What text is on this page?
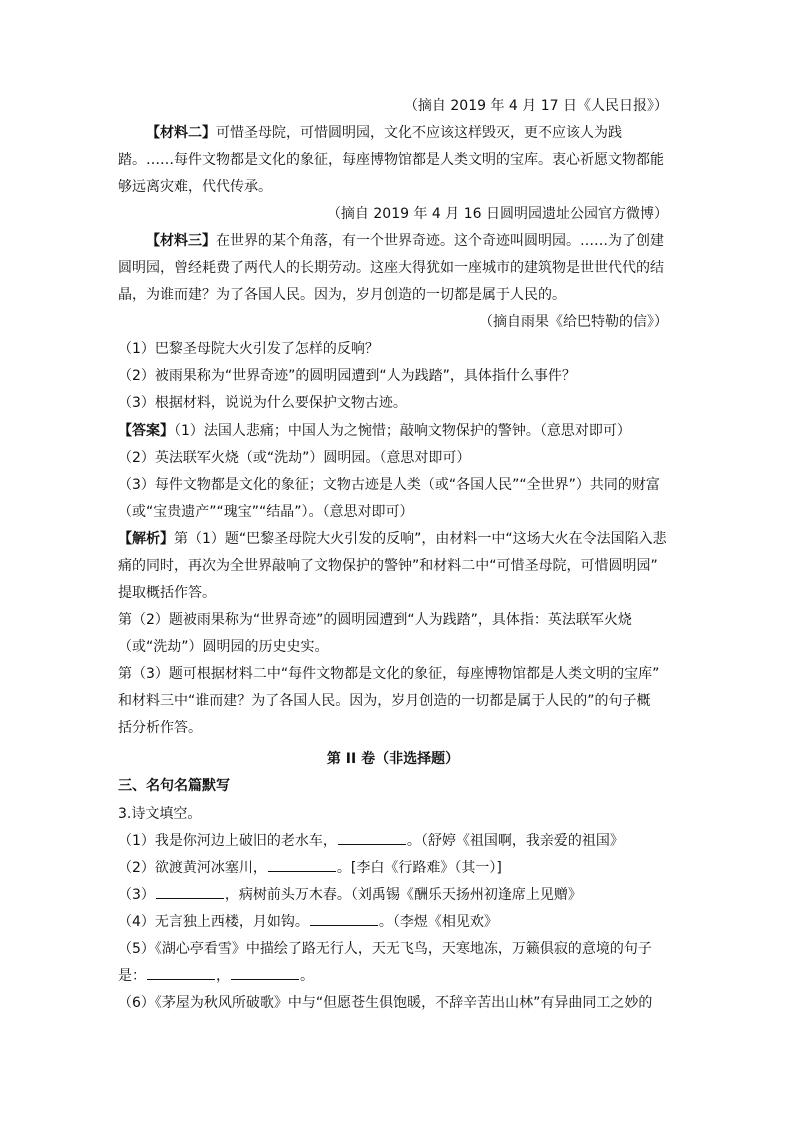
（摘自 2019 年 4 月 17 日《人民日报》）
【材料二】可惜圣母院，可惜圆明园，文化不应该这样毁灭，更不应该人为践
踏。……每件文物都是文化的象征，每座博物馆都是人类文明的宝库。衷心祈愿文物都能
够远离灾难，代代传承。
（摘自 2019 年 4 月 16 日圆明园遗址公园官方微博）
【材料三】在世界的某个角落，有一个世界奇迹。这个奇迹叫圆明园。……为了创建
圆明园，曾经耗费了两代人的长期劳动。这座大得犹如一座城市的建筑物是世世代代的结
晶，为谁而建？为了各国人民。因为，岁月创造的一切都是属于人民的。
（摘自雨果《给巴特勒的信》）
（1）巴黎圣母院大火引发了怎样的反响？
（2）被雨果称为“世界奇迹”的圆明园遭到“人为践踏”，具体指什么事件？
（3）根据材料，说说为什么要保护文物古迹。
【答案】（1）法国人悲痛；中国人为之惋惜；敲响文物保护的警钟。（意思对即可）
（2）英法联军火烧（或“洗劫”）圆明园。（意思对即可）
（3）每件文物都是文化的象征；文物古迹是人类（或“各国人民”“全世界”）共同的财富
（或“宝贵遗产”“瑰宝”“结晶”）。（意思对即可）
【解析】第（1）题“巴黎圣母院大火引发的反响”，由材料一中“这场大火在令法国陷入悲
痛的同时，再次为全世界敲响了文物保护的警钟”和材料二中“可惜圣母院，可惜圆明园”
提取概括作答。
第（2）题被雨果称为“世界奇迹”的圆明园遭到“人为践踏”，具体指：英法联军火烧
（或“洗劫”）圆明园的历史史实。
第（3）题可根据材料二中“每件文物都是文化的象征，每座博物馆都是人类文明的宝库”
和材料三中“谁而建？为了各国人民。因为，岁月创造的一切都是属于人民的”的句子概
括分析作答。
第 II 卷（非选择题）
三、名句名篇默写
3.诗文填空。
（1）我是你河边上破旧的老水车，	。（舒婷《祖国啊，我亲爱的祖国》
（2）欲渡黄河冰塞川，	。[李白《行路难》（其一）]
（3）	，病树前头万木春。（刘禹锡《酬乐天扬州初逢席上见赠》
（4）无言独上西楼，月如钩。	。（李煜《相见欢》
（5）《湖心亭看雪》中描绘了路无行人，天无飞鸟，天寒地冻，万籁俱寂的意境的句子
是：	，	。
（6）《茅屋为秋风所破歌》中与“但愿苍生俱饱暖，不辞辛苦出山林”有异曲同工之妙的
